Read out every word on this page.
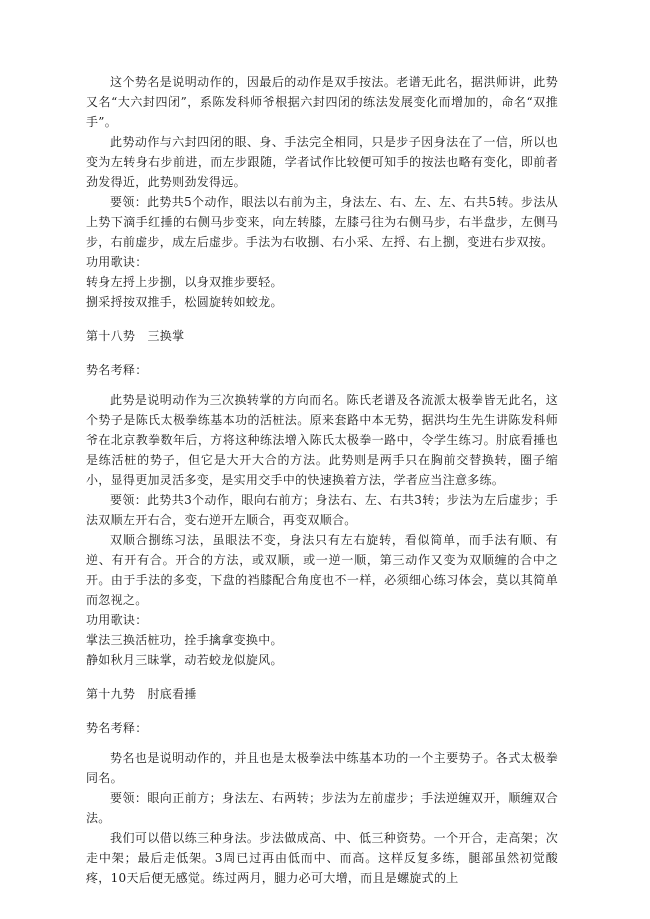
这个势名是说明动作的，因最后的动作是双手按法。老谱无此名，据洪师讲，此势又名“大六封四闭”，系陈发科师爷根据六封四闭的练法发展变化而增加的，命名“双推手”。

此势动作与六封四闭的眼、身、手法完全相同，只是步子因身法在了一信，所以也变为左转身右步前进，而左步跟随，学者试作比较便可知手的按法也略有变化，即前者劲发得近，此势则劲发得远。

要领：此势共5个动作，眼法以右前为主，身法左、右、左、左、右共5转。步法从上势下滴手红捶的右侧马步变来，向左转膝，左膝弓往为右侧马步，右半盘步，左侧马步，右前虚步，成左后虚步。手法为右收捌、右小采、左捋、右上捌，变进右步双按。

功用歌诀：

转身左捋上步捌，以身双推步要轻。

捌采捋按双推手，松圆旋转如蛟龙。

第十八势　三换掌

势名考释：

此势是说明动作为三次换转掌的方向而名。陈氏老谱及各流派太极拳皆无此名，这个势子是陈氏太极拳练基本功的活桩法。原来套路中本无势，据洪均生先生讲陈发科师爷在北京教拳数年后，方将这种练法增入陈氏太极拳一路中，令学生练习。肘底看捶也是练活桩的势子，但它是大开大合的方法。此势则是两手只在胸前交替换转，圈子缩小，显得更加灵活多变，是实用交手中的快速换着方法，学者应当注意多练。

要领：此势共3个动作，眼向右前方；身法右、左、右共3转；步法为左后虚步；手法双顺左开右合，变右逆开左顺合，再变双顺合。

双顺合捌练习法，虽眼法不变，身法只有左右旋转，看似简单，而手法有顺、有逆、有开有合。开合的方法，或双顺，或一逆一顺，第三动作又变为双顺缠的合中之开。由于手法的多变，下盘的裆膝配合角度也不一样，必须细心练习体会，莫以其简单而忽视之。

功用歌诀：

掌法三换活桩功，拴手擒拿变换中。

静如秋月三昧掌，动若蛟龙似旋风。

第十九势　肘底看捶

势名考释：

势名也是说明动作的，并且也是太极拳法中练基本功的一个主要势子。各式太极拳同名。

要领：眼向正前方；身法左、右两转；步法为左前虚步；手法逆缠双开，顺缠双合法。

我们可以借以练三种身法。步法做成高、中、低三种资势。一个开合，走高架；次走中架；最后走低架。3周已过再由低而中、而高。这样反复多练，腿部虽然初觉酸疼，10天后便无感觉。练过两月，腿力必可大增，而且是螺旋式的上
